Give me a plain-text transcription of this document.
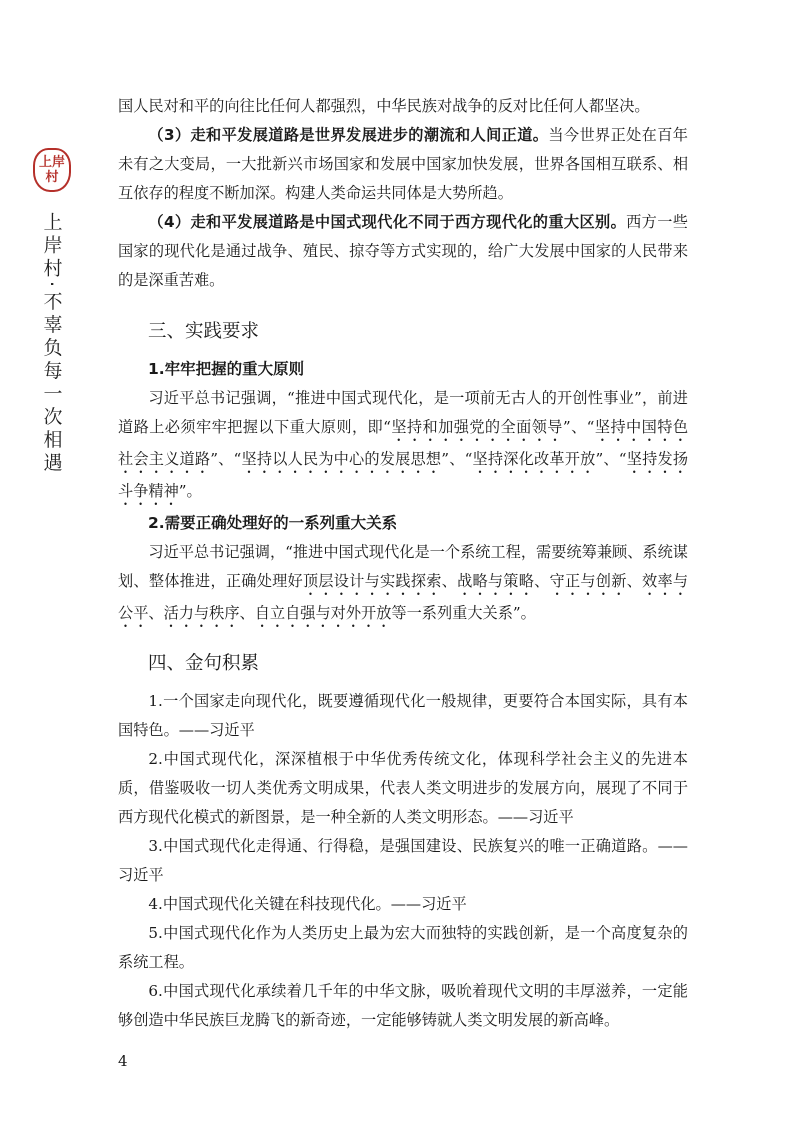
上岸
村
上岸村·不辜负每一次相遇

国人民对和平的向往比任何人都强烈，中华民族对战争的反对比任何人都坚决。

（3）走和平发展道路是世界发展进步的潮流和人间正道。当今世界正处在百年未有之大变局，一大批新兴市场国家和发展中国家加快发展，世界各国相互联系、相互依存的程度不断加深。构建人类命运共同体是大势所趋。

（4）走和平发展道路是中国式现代化不同于西方现代化的重大区别。西方一些国家的现代化是通过战争、殖民、掠夺等方式实现的，给广大发展中国家的人民带来的是深重苦难。

三、实践要求
1.牢牢把握的重大原则

习近平总书记强调，“推进中国式现代化，是一项前无古人的开创性事业”，前进道路上必须牢牢把握以下重大原则，即“坚持和加强党的全面领导”、“坚持中国特色社会主义道路”、“坚持以人民为中心的发展思想”、“坚持深化改革开放”、“坚持发扬斗争精神”。

2.需要正确处理好的一系列重大关系

习近平总书记强调，“推进中国式现代化是一个系统工程，需要统筹兼顾、系统谋划、整体推进，正确处理好顶层设计与实践探索、战略与策略、守正与创新、效率与公平、活力与秩序、自立自强与对外开放等一系列重大关系”。

四、金句积累

1.一个国家走向现代化，既要遵循现代化一般规律，更要符合本国实际，具有本国特色。——习近平

2.中国式现代化，深深植根于中华优秀传统文化，体现科学社会主义的先进本质，借鉴吸收一切人类优秀文明成果，代表人类文明进步的发展方向，展现了不同于西方现代化模式的新图景，是一种全新的人类文明形态。——习近平

3.中国式现代化走得通、行得稳，是强国建设、民族复兴的唯一正确道路。——习近平

4.中国式现代化关键在科技现代化。——习近平

5.中国式现代化作为人类历史上最为宏大而独特的实践创新，是一个高度复杂的系统工程。

6.中国式现代化承续着几千年的中华文脉，吸吮着现代文明的丰厚滋养，一定能够创造中华民族巨龙腾飞的新奇迹，一定能够铸就人类文明发展的新高峰。

4
